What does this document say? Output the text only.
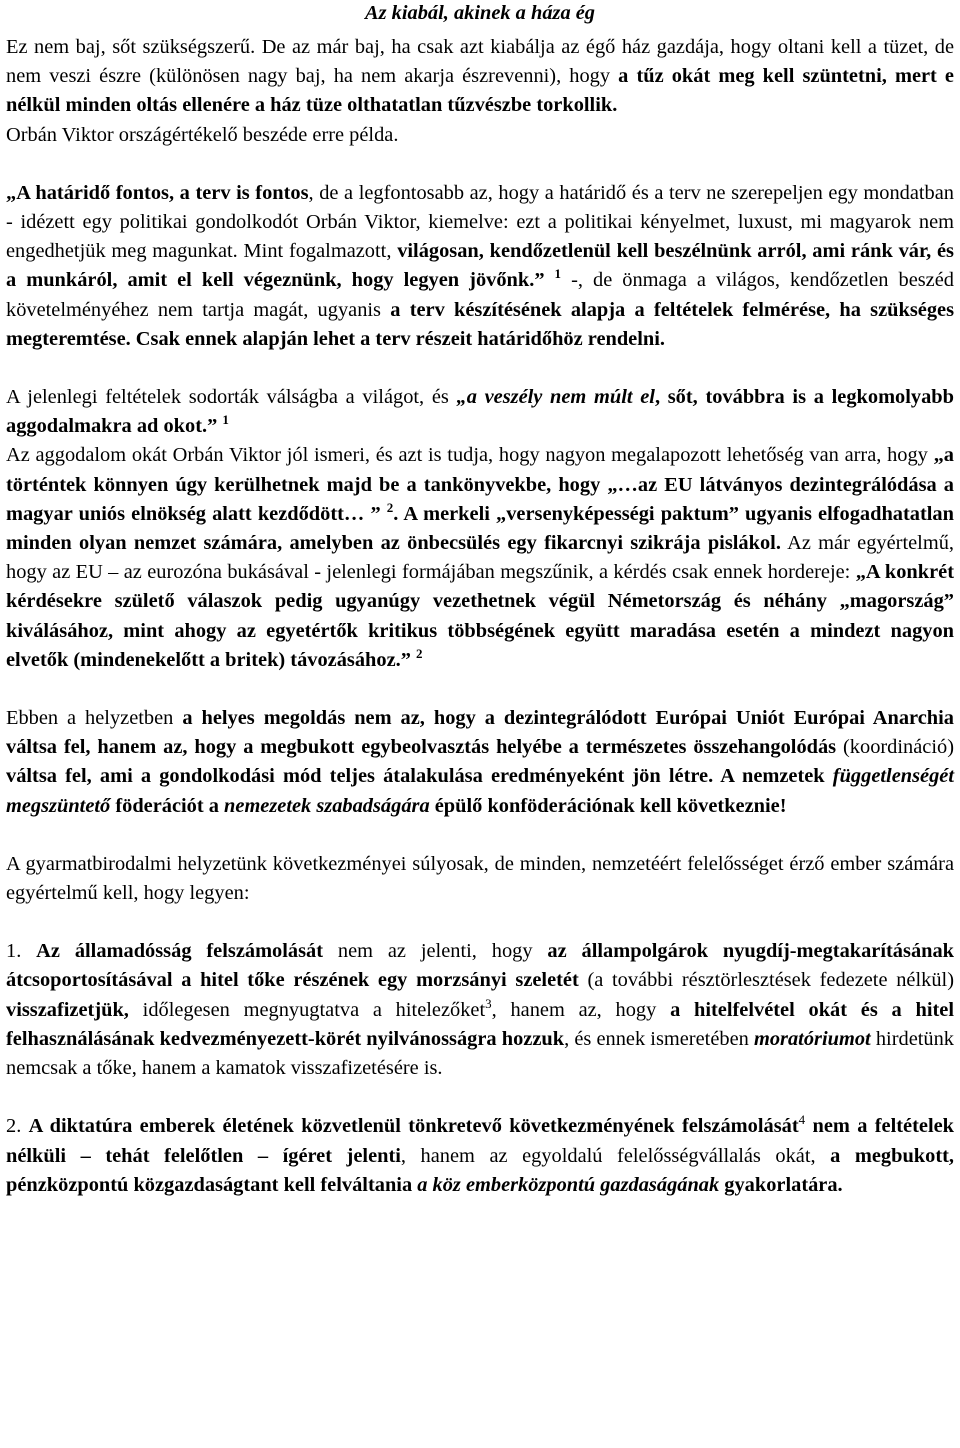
Az kiabál, akinek a háza ég

Ez nem baj, sőt szükségszerű. De az már baj, ha csak azt kiabálja az égő ház gazdája, hogy oltani kell a tüzet, de nem veszi észre (különösen nagy baj, ha nem akarja észrevenni), hogy a tűz okát meg kell szüntetni, mert e nélkül minden oltás ellenére a ház tüze olthatatlan tűzvészbe torkollik.

Orbán Viktor országértékelő beszéde erre példa.

„A határidő fontos, a terv is fontos, de a legfontosabb az, hogy a határidő és a terv ne szerepeljen egy mondatban - idézett egy politikai gondolkodót Orbán Viktor, kiemelve: ezt a politikai kényelmet, luxust, mi magyarok nem engedhetjük meg magunkat. Mint fogalmazott, világosan, kendőzetlenül kell beszélnünk arról, ami ránk vár, és a munkáról, amit el kell végeznünk, hogy legyen jövőnk.” $^1$ -, de önmaga a világos, kendőzetlen beszéd követelményéhez nem tartja magát, ugyanis a terv készítésének alapja a feltételek felmérése, ha szükséges megteremtése. Csak ennek alapján lehet a terv részeit határidőhöz rendelni.

A jelenlegi feltételek sodorták válságba a világot, és „a veszély nem múlt el, sőt, továbbra is a legkomolyabb aggodalmakra ad okot.” $^1$

Az aggodalom okát Orbán Viktor jól ismeri, és azt is tudja, hogy nagyon megalapozott lehetőség van arra, hogy „a történtek könnyen úgy kerülhetnek majd be a tankönyvekbe, hogy „…az EU látványos dezintegrálódása a magyar uniós elnökség alatt kezdődött… ” $^2$. A merkeli „versenyképességi paktum” ugyanis elfogadhatatlan minden olyan nemzet számára, amelyben az önbecsülés egy fikarcnyi szikrája pislákol. Az már egyértelmű, hogy az EU – az eurozóna bukásával - jelenlegi formájában megszűnik, a kérdés csak ennek hordereje: „A konkrét kérdésekre születő válaszok pedig ugyanúgy vezethetnek végül Németország és néhány „magország” kiválásához, mint ahogy az egyetértők kritikus többségének együtt maradása esetén a mindezt nagyon elvetők (mindenekelőtt a britek) távozásához.” $^2$

Ebben a helyzetben a helyes megoldás nem az, hogy a dezintegrálódott Európai Uniót Európai Anarchia váltsa fel, hanem az, hogy a megbukott egybeolvasztás helyébe a természetes összehangolódás (koordináció) váltsa fel, ami a gondolkodási mód teljes átalakulása eredményeként jön létre. A nemzetek függetlenségét megszüntető föderációt a nemezetek szabadságára épülő konföderációnak kell következnie!

A gyarmatbirodalmi helyzetünk következményei súlyosak, de minden, nemzetéért felelősséget érző ember számára egyértelmű kell, hogy legyen:

1. Az államadósság felszámolását nem az jelenti, hogy az állampolgárok nyugdíj-megtakarításának átcsoportosításával a hitel tőke részének egy morzsányi szeletét (a további résztörlesztések fedezete nélkül) visszafizetjük, időlegesen megnyugtatva a hitelezőket$^3$, hanem az, hogy a hitelfelvétel okát és a hitel felhasználásának kedvezményezett-körét nyilvánosságra hozzuk, és ennek ismeretében moratóriumot hirdetünk nemcsak a tőke, hanem a kamatok visszafizetésére is.

2. A diktatúra emberek életének közvetlenül tönkretevő következményének felszámolását$^4$ nem a feltételek nélküli – tehát felelőtlen – ígéret jelenti, hanem az egyoldalú felelősségvállalás okát, a megbukott, pénzközpontú közgazdaságtant kell felváltania a köz emberközpontú gazdaságának gyakorlatára.
